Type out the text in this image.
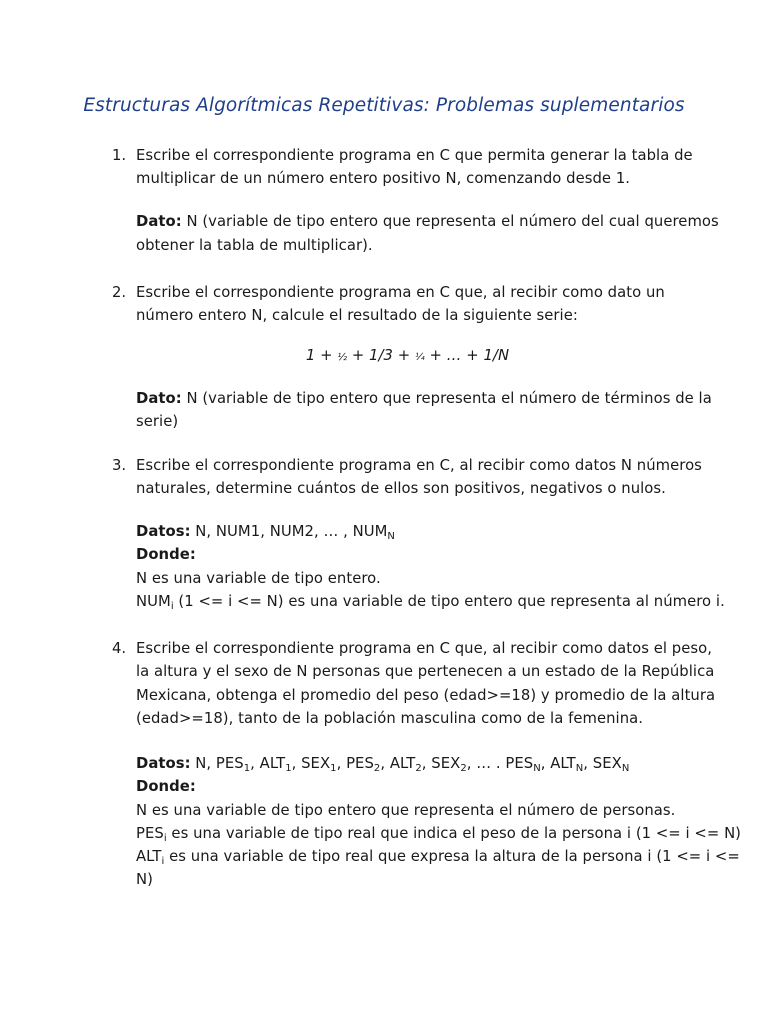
Estructuras Algorítmicas Repetitivas: Problemas suplementarios
1. Escribe el correspondiente programa en C que permita generar la tabla de
multiplicar de un número entero positivo N, comenzando desde 1.
Dato: N (variable de tipo entero que representa el número del cual queremos
obtener la tabla de multiplicar).
2. Escribe el correspondiente programa en C que, al recibir como dato un
número entero N, calcule el resultado de la siguiente serie:
1 + ½ + 1/3 + ¼ + … + 1/N
Dato: N (variable de tipo entero que representa el número de términos de la
serie)
3. Escribe el correspondiente programa en C, al recibir como datos N números
naturales, determine cuántos de ellos son positivos, negativos o nulos.
Datos: N, NUM1, NUM2, … , $NUM_N$
Donde:
N es una variable de tipo entero.
$NUM_i$ (1 <= i <= N) es una variable de tipo entero que representa al número i.
4. Escribe el correspondiente programa en C que, al recibir como datos el peso,
la altura y el sexo de N personas que pertenecen a un estado de la República
Mexicana, obtenga el promedio del peso (edad>=18) y promedio de la altura
(edad>=18), tanto de la población masculina como de la femenina.
Datos: N, $PES_1$, $ALT_1$, $SEX_1$, $PES_2$, $ALT_2$, $SEX_2$, … . $PES_N$, $ALT_N$, $SEX_N$
Donde:
N es una variable de tipo entero que representa el número de personas.
$PES_i$ es una variable de tipo real que indica el peso de la persona i (1 <= i <= N)
$ALT_i$ es una variable de tipo real que expresa la altura de la persona i (1 <= i <=
N)
